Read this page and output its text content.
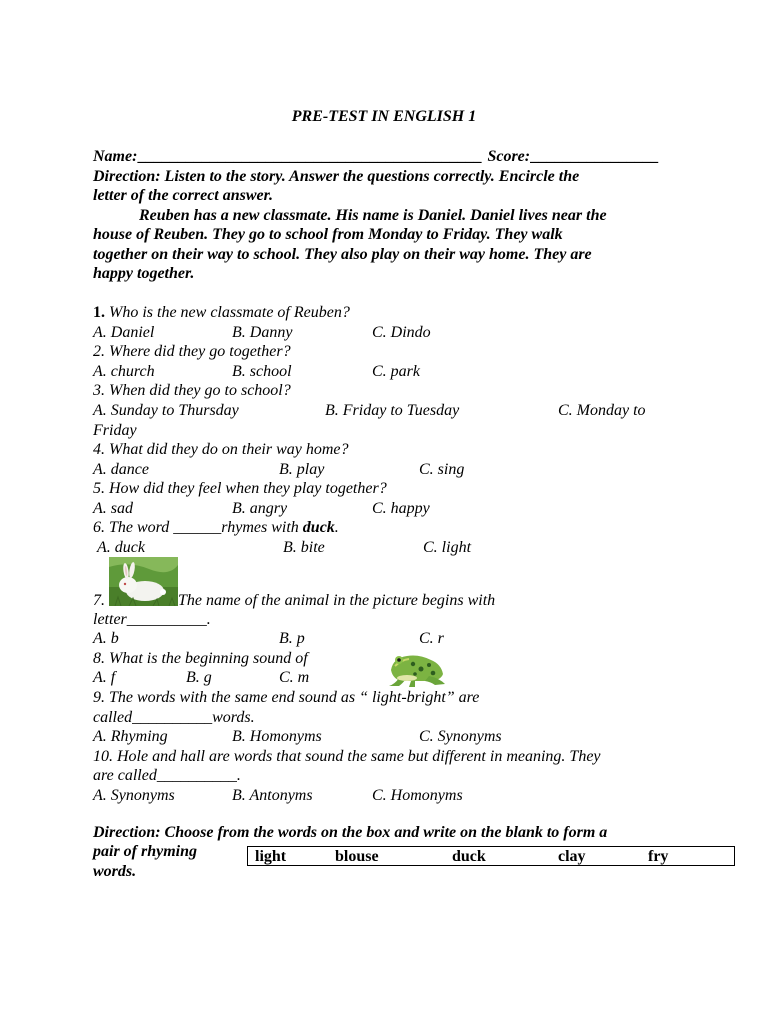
PRE-TEST IN ENGLISH 1
Name:___________________________________________ Score:________________
Direction: Listen to the story. Answer the questions correctly. Encircle the
letter of the correct answer.
Reuben has a new classmate. His name is Daniel. Daniel lives near the
house of Reuben. They go to school from Monday to Friday. They walk
together on their way to school. They also play on their way home. They are
happy together.
1. Who is the new classmate of Reuben?
A. Daniel	B. Danny	C. Dindo
2. Where did they go together?
A. church	B. school	C. park
3. When did they go to school?
A. Sunday to Thursday	B. Friday to Tuesday	C. Monday to
Friday
4. What did they do on their way home?
A. dance	B. play	C. sing
5. How did they feel when they play together?
A. sad	B. angry	C. happy
6. The word ______rhymes with duck.
A. duck	B. bite	C. light
7.	The name of the animal in the picture begins with
letter__________.
A. b	B. p	C. r
8. What is the beginning sound of
A. f	B. g	C. m
9. The words with the same end sound as “ light-bright” are
called__________words.
A. Rhyming	B. Homonyms	C. Synonyms
10. Hole and hall are words that sound the same but different in meaning. They
are called__________.
A. Synonyms	B. Antonyms	C. Homonyms
Direction: Choose from the words on the box and write on the blank to form a
pair of rhyming
words.
light	blouse	duck	clay	fry
